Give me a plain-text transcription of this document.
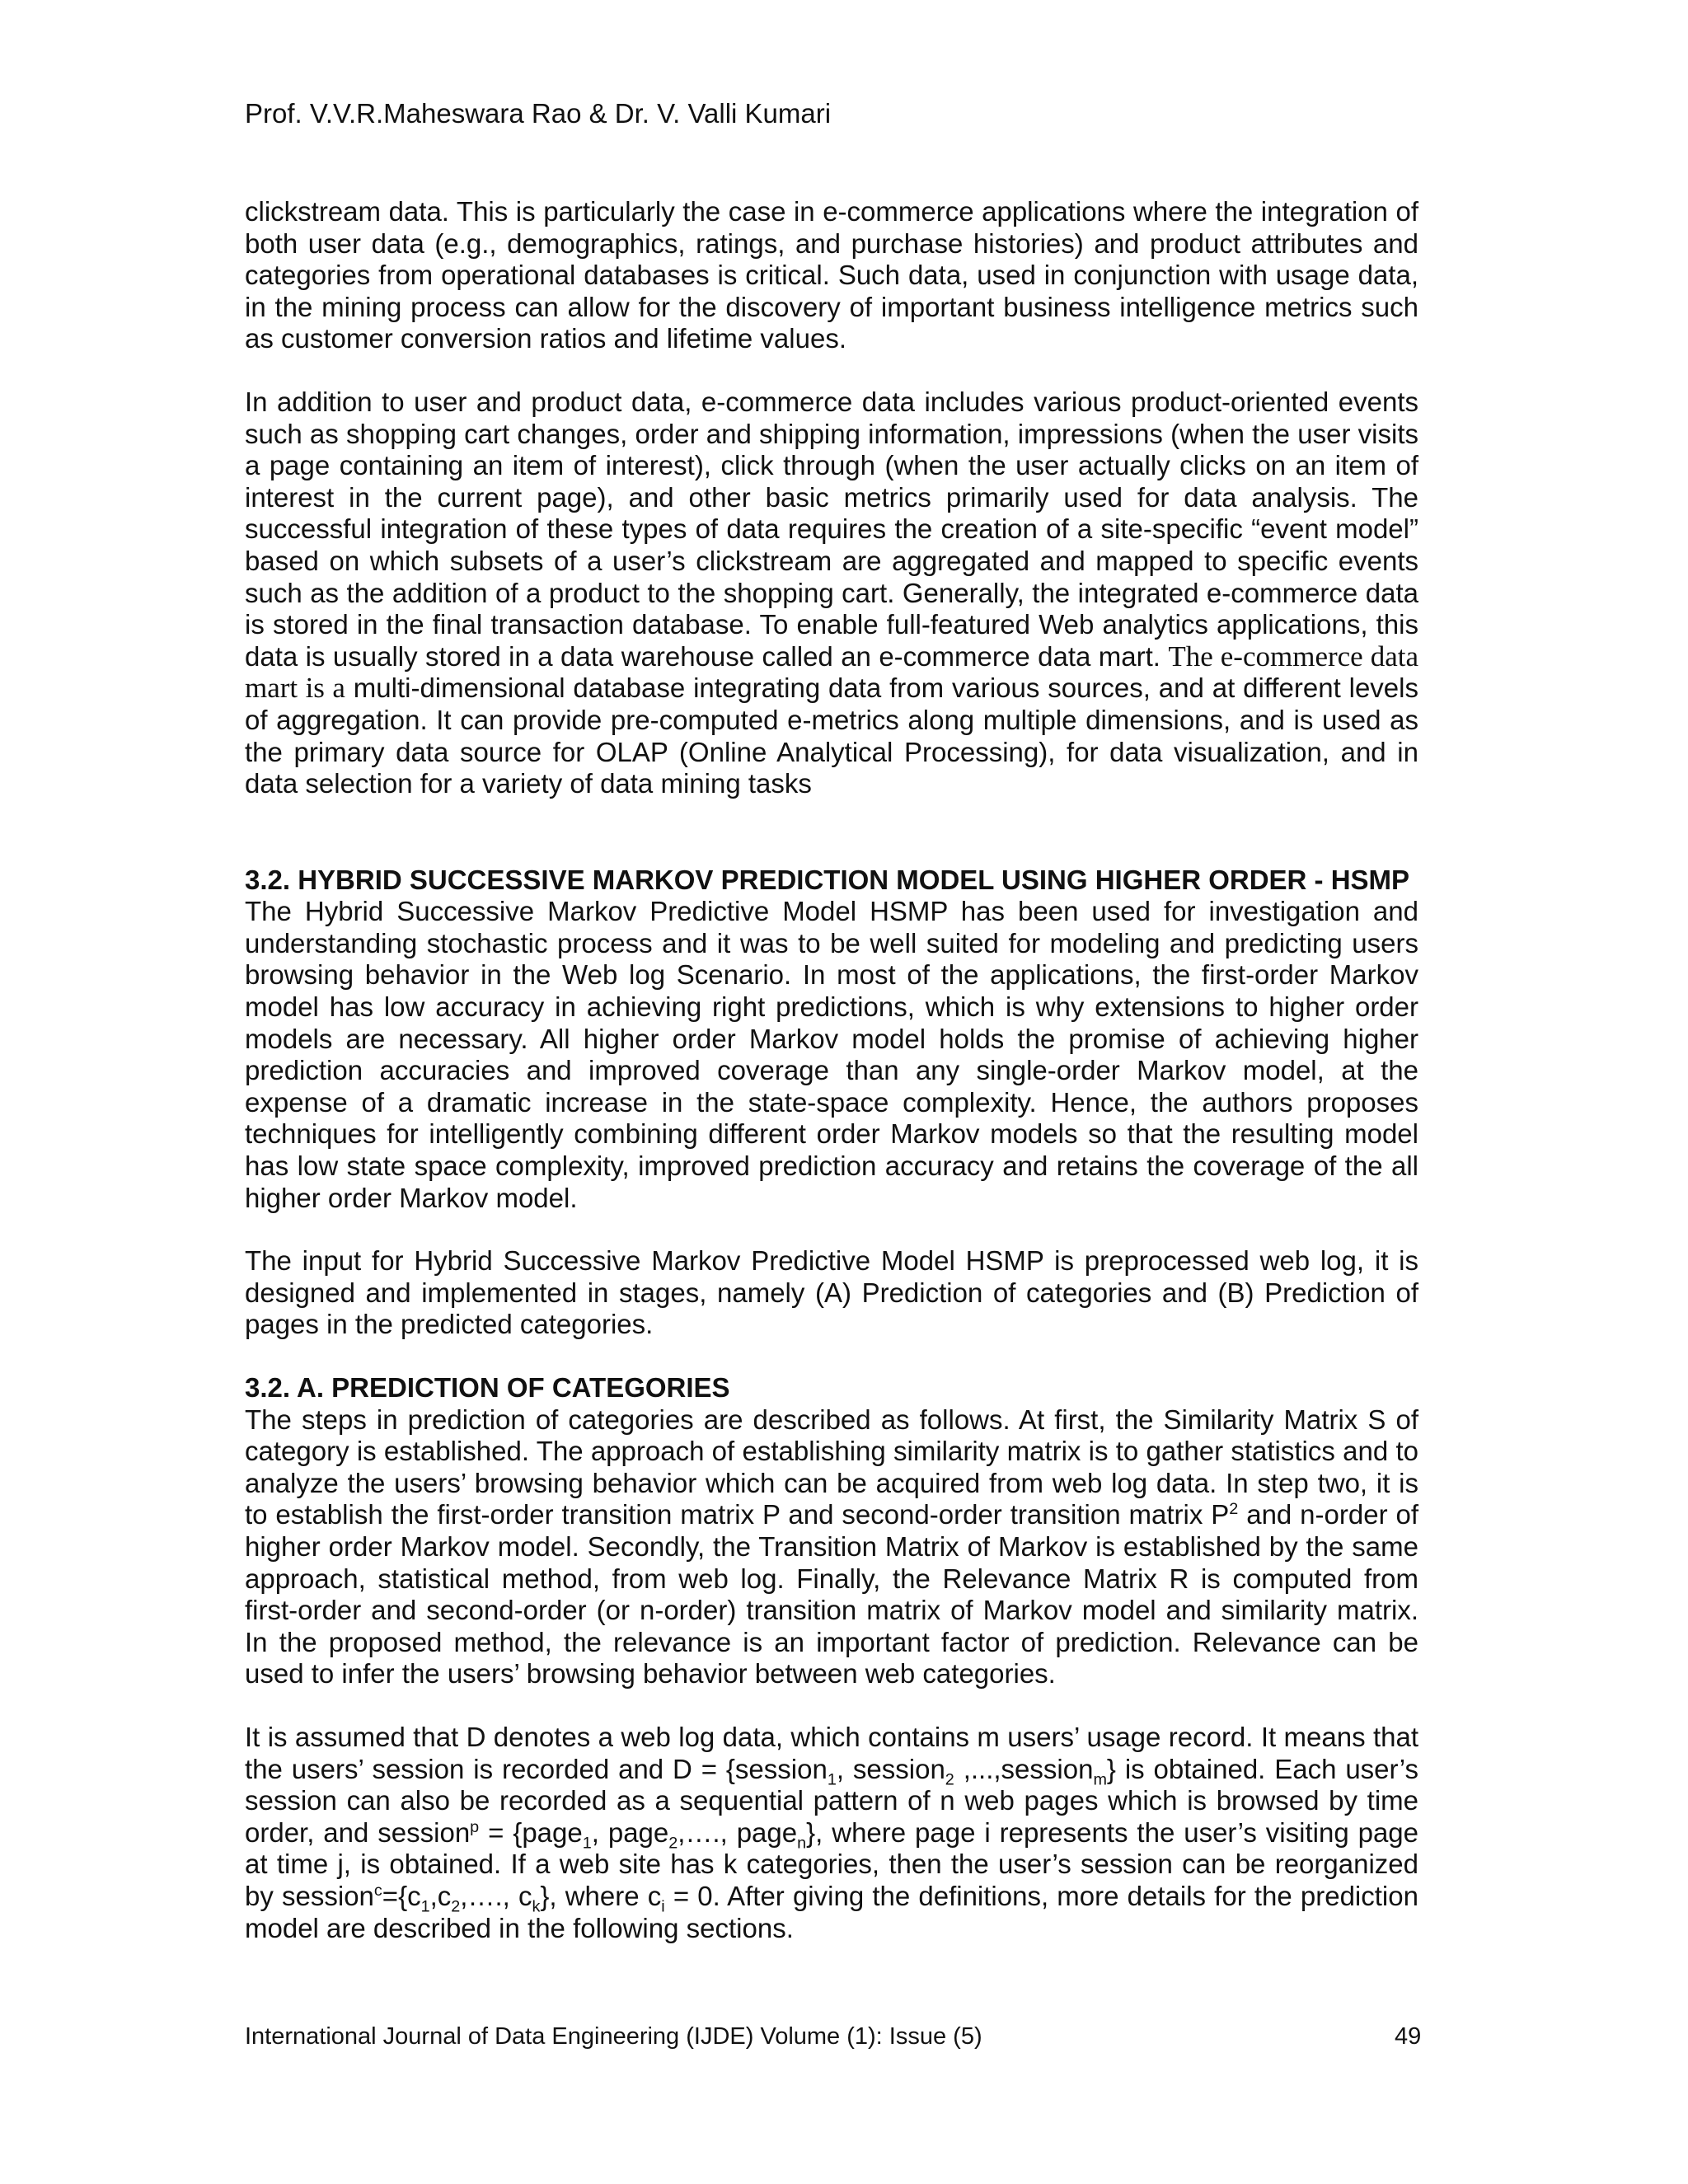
Prof. V.V.R.Maheswara Rao & Dr. V. Valli Kumari

clickstream data. This is particularly the case in e-commerce applications where the integration of both user data (e.g., demographics, ratings, and purchase histories) and product attributes and categories from operational databases is critical. Such data, used in conjunction with usage data, in the mining process can allow for the discovery of important business intelligence metrics such as customer conversion ratios and lifetime values.

In addition to user and product data, e-commerce data includes various product-oriented events such as shopping cart changes, order and shipping information, impressions (when the user visits a page containing an item of interest), click through (when the user actually clicks on an item of interest in the current page), and other basic metrics primarily used for data analysis. The successful integration of these types of data requires the creation of a site-specific “event model” based on which subsets of a user’s clickstream are aggregated and mapped to specific events such as the addition of a product to the shopping cart. Generally, the integrated e-commerce data is stored in the final transaction database. To enable full-featured Web analytics applications, this data is usually stored in a data warehouse called an e-commerce data mart. The e-commerce data mart is a multi-dimensional database integrating data from various sources, and at different levels of aggregation. It can provide pre-computed e-metrics along multiple dimensions, and is used as the primary data source for OLAP (Online Analytical Processing), for data visualization, and in data selection for a variety of data mining tasks

3.2. HYBRID SUCCESSIVE MARKOV PREDICTION MODEL USING HIGHER ORDER - HSMP

The Hybrid Successive Markov Predictive Model HSMP has been used for investigation and understanding stochastic process and it was to be well suited for modeling and predicting users browsing behavior in the Web log Scenario. In most of the applications, the first-order Markov model has low accuracy in achieving right predictions, which is why extensions to higher order models are necessary. All higher order Markov model holds the promise of achieving higher prediction accuracies and improved coverage than any single-order Markov model, at the expense of a dramatic increase in the state-space complexity. Hence, the authors proposes techniques for intelligently combining different order Markov models so that the resulting model has low state space complexity, improved prediction accuracy and retains the coverage of the all higher order Markov model.

The input for Hybrid Successive Markov Predictive Model HSMP is preprocessed web log, it is designed and implemented in stages, namely (A) Prediction of categories and (B) Prediction of pages in the predicted categories.

3.2. A. PREDICTION OF CATEGORIES

The steps in prediction of categories are described as follows. At first, the Similarity Matrix S of category is established. The approach of establishing similarity matrix is to gather statistics and to analyze the users’ browsing behavior which can be acquired from web log data. In step two, it is to establish the first-order transition matrix P and second-order transition matrix $P^2$ and n-order of higher order Markov model. Secondly, the Transition Matrix of Markov is established by the same approach, statistical method, from web log. Finally, the Relevance Matrix R is computed from first-order and second-order (or n-order) transition matrix of Markov model and similarity matrix. In the proposed method, the relevance is an important factor of prediction. Relevance can be used to infer the users’ browsing behavior between web categories.

It is assumed that D denotes a web log data, which contains m users’ usage record. It means that the users’ session is recorded and D = {session$_1$, session$_2$ ,...,session$_m$} is obtained. Each user’s session can also be recorded as a sequential pattern of n web pages which is browsed by time order, and session$^p$ = {page$_1$, page$_2$,…., page$_n$}, where page i represents the user’s visiting page at time j, is obtained. If a web site has k categories, then the user’s session can be reorganized by $session^c=\{c_1,c_2,\dots$., $c_k$}, where $c_i = 0$. After giving the definitions, more details for the prediction model are described in the following sections.

International Journal of Data Engineering (IJDE) Volume (1): Issue (5)	49
